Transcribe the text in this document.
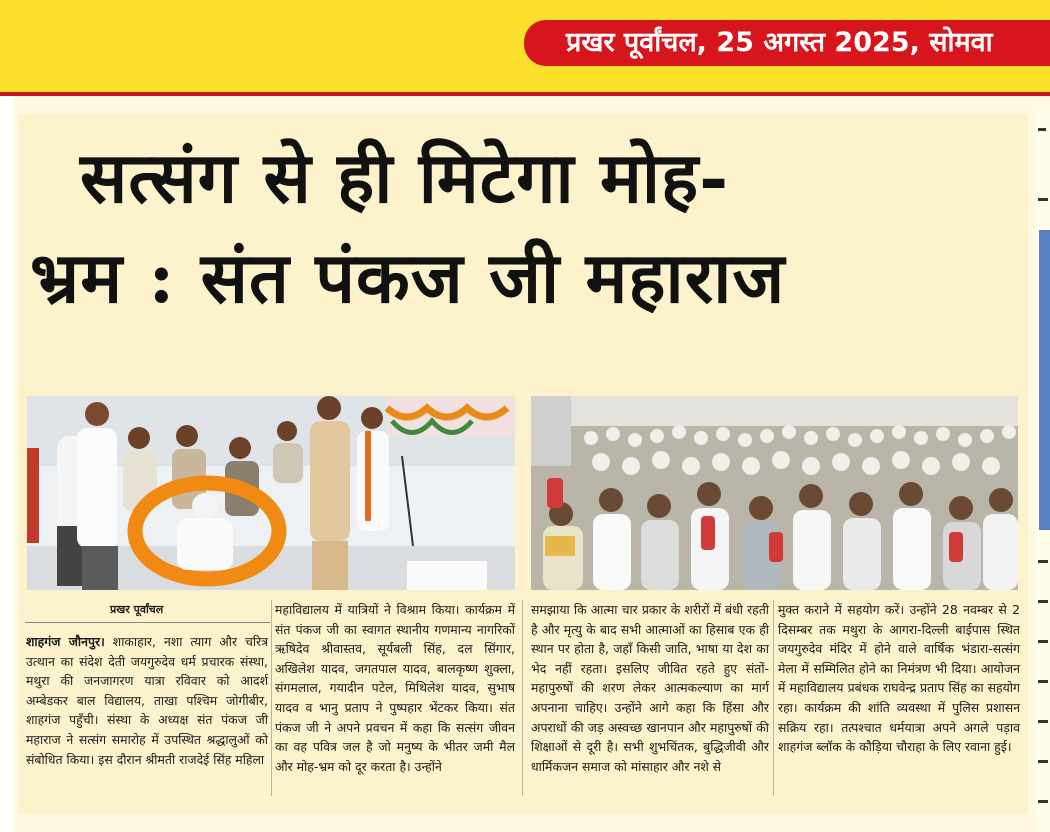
प्रखर पूर्वांचल, 25 अगस्त 2025, सोमवा
सत्संग से ही मिटेगा मोह-
भ्रम : संत पंकज जी महाराज
प्रखर पूर्वांचल
शाहगंज जौनपुर। शाकाहार, नशा त्याग और चरित्र उत्थान का संदेश देती जयगुरुदेव धर्म प्रचारक संस्था, मथुरा की जनजागरण यात्रा रविवार को आदर्श अम्बेडकर बाल विद्यालय, ताखा पश्चिम जोगीबीर, शाहगंज पहुँची। संस्था के अध्यक्ष संत पंकज जी महाराज ने सत्संग समारोह में उपस्थित श्रद्धालुओं को संबोधित किया। इस दौरान श्रीमती राजदेई सिंह महिला
महाविद्यालय में यात्रियों ने विश्राम किया। कार्यक्रम में संत पंकज जी का स्वागत स्थानीय गणमान्य नागरिकों ऋषिदेव श्रीवास्तव, सूर्यबली सिंह, दल सिंगार, अखिलेश यादव, जगतपाल यादव, बालकृष्ण शुक्ला, संगमलाल, गयादीन पटेल, मिथिलेश यादव, सुभाष यादव व भानु प्रताप ने पुष्पहार भेंटकर किया। संत पंकज जी ने अपने प्रवचन में कहा कि सत्संग जीवन का वह पवित्र जल है जो मनुष्य के भीतर जमी मैल और मोह-भ्रम को दूर करता है। उन्होंने
समझाया कि आत्मा चार प्रकार के शरीरों में बंधी रहती है और मृत्यु के बाद सभी आत्माओं का हिसाब एक ही स्थान पर होता है, जहाँ किसी जाति, भाषा या देश का भेद नहीं रहता। इसलिए जीवित रहते हुए संतों-महापुरुषों की शरण लेकर आत्मकल्याण का मार्ग अपनाना चाहिए। उन्होंने आगे कहा कि हिंसा और अपराधों की जड़ अस्वच्छ खानपान और महापुरुषों की शिक्षाओं से दूरी है। सभी शुभचिंतक, बुद्धिजीवी और धार्मिकजन समाज को मांसाहार और नशे से
मुक्त कराने में सहयोग करें। उन्होंने 28 नवम्बर से 2 दिसम्बर तक मथुरा के आगरा-दिल्ली बाईपास स्थित जयगुरुदेव मंदिर में होने वाले वार्षिक भंडारा-सत्संग मेला में सम्मिलित होने का निमंत्रण भी दिया। आयोजन में महाविद्यालय प्रबंधक राघवेन्द्र प्रताप सिंह का सहयोग रहा। कार्यक्रम की शांति व्यवस्था में पुलिस प्रशासन सक्रिय रहा। तत्पश्चात धर्मयात्रा अपने अगले पड़ाव शाहगंज ब्लॉक के कौड़िया चौराहा के लिए रवाना हुई।
